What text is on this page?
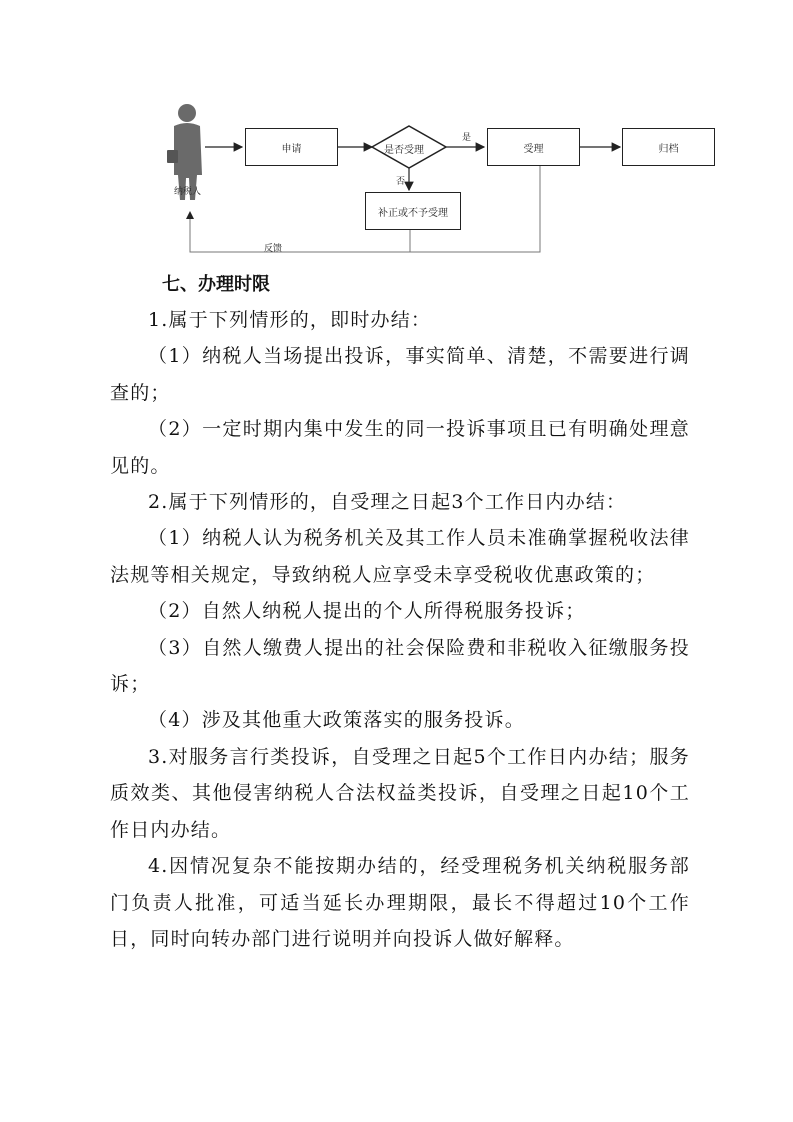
申请	是否受理
是
否
受理	归档
补正或不予受理
纳税人
反馈
七、办理时限

1.属于下列情形的，即时办结：

（1）纳税人当场提出投诉，事实简单、清楚，不需要进行调查的；

（2）一定时期内集中发生的同一投诉事项且已有明确处理意见的。

2.属于下列情形的，自受理之日起3个工作日内办结：

（1）纳税人认为税务机关及其工作人员未准确掌握税收法律法规等相关规定，导致纳税人应享受未享受税收优惠政策的；

（2）自然人纳税人提出的个人所得税服务投诉；

（3）自然人缴费人提出的社会保险费和非税收入征缴服务投诉；

（4）涉及其他重大政策落实的服务投诉。

3.对服务言行类投诉，自受理之日起5个工作日内办结；服务质效类、其他侵害纳税人合法权益类投诉，自受理之日起10个工作日内办结。

4.因情况复杂不能按期办结的，经受理税务机关纳税服务部门负责人批准，可适当延长办理期限，最长不得超过10个工作日，同时向转办部门进行说明并向投诉人做好解释。
